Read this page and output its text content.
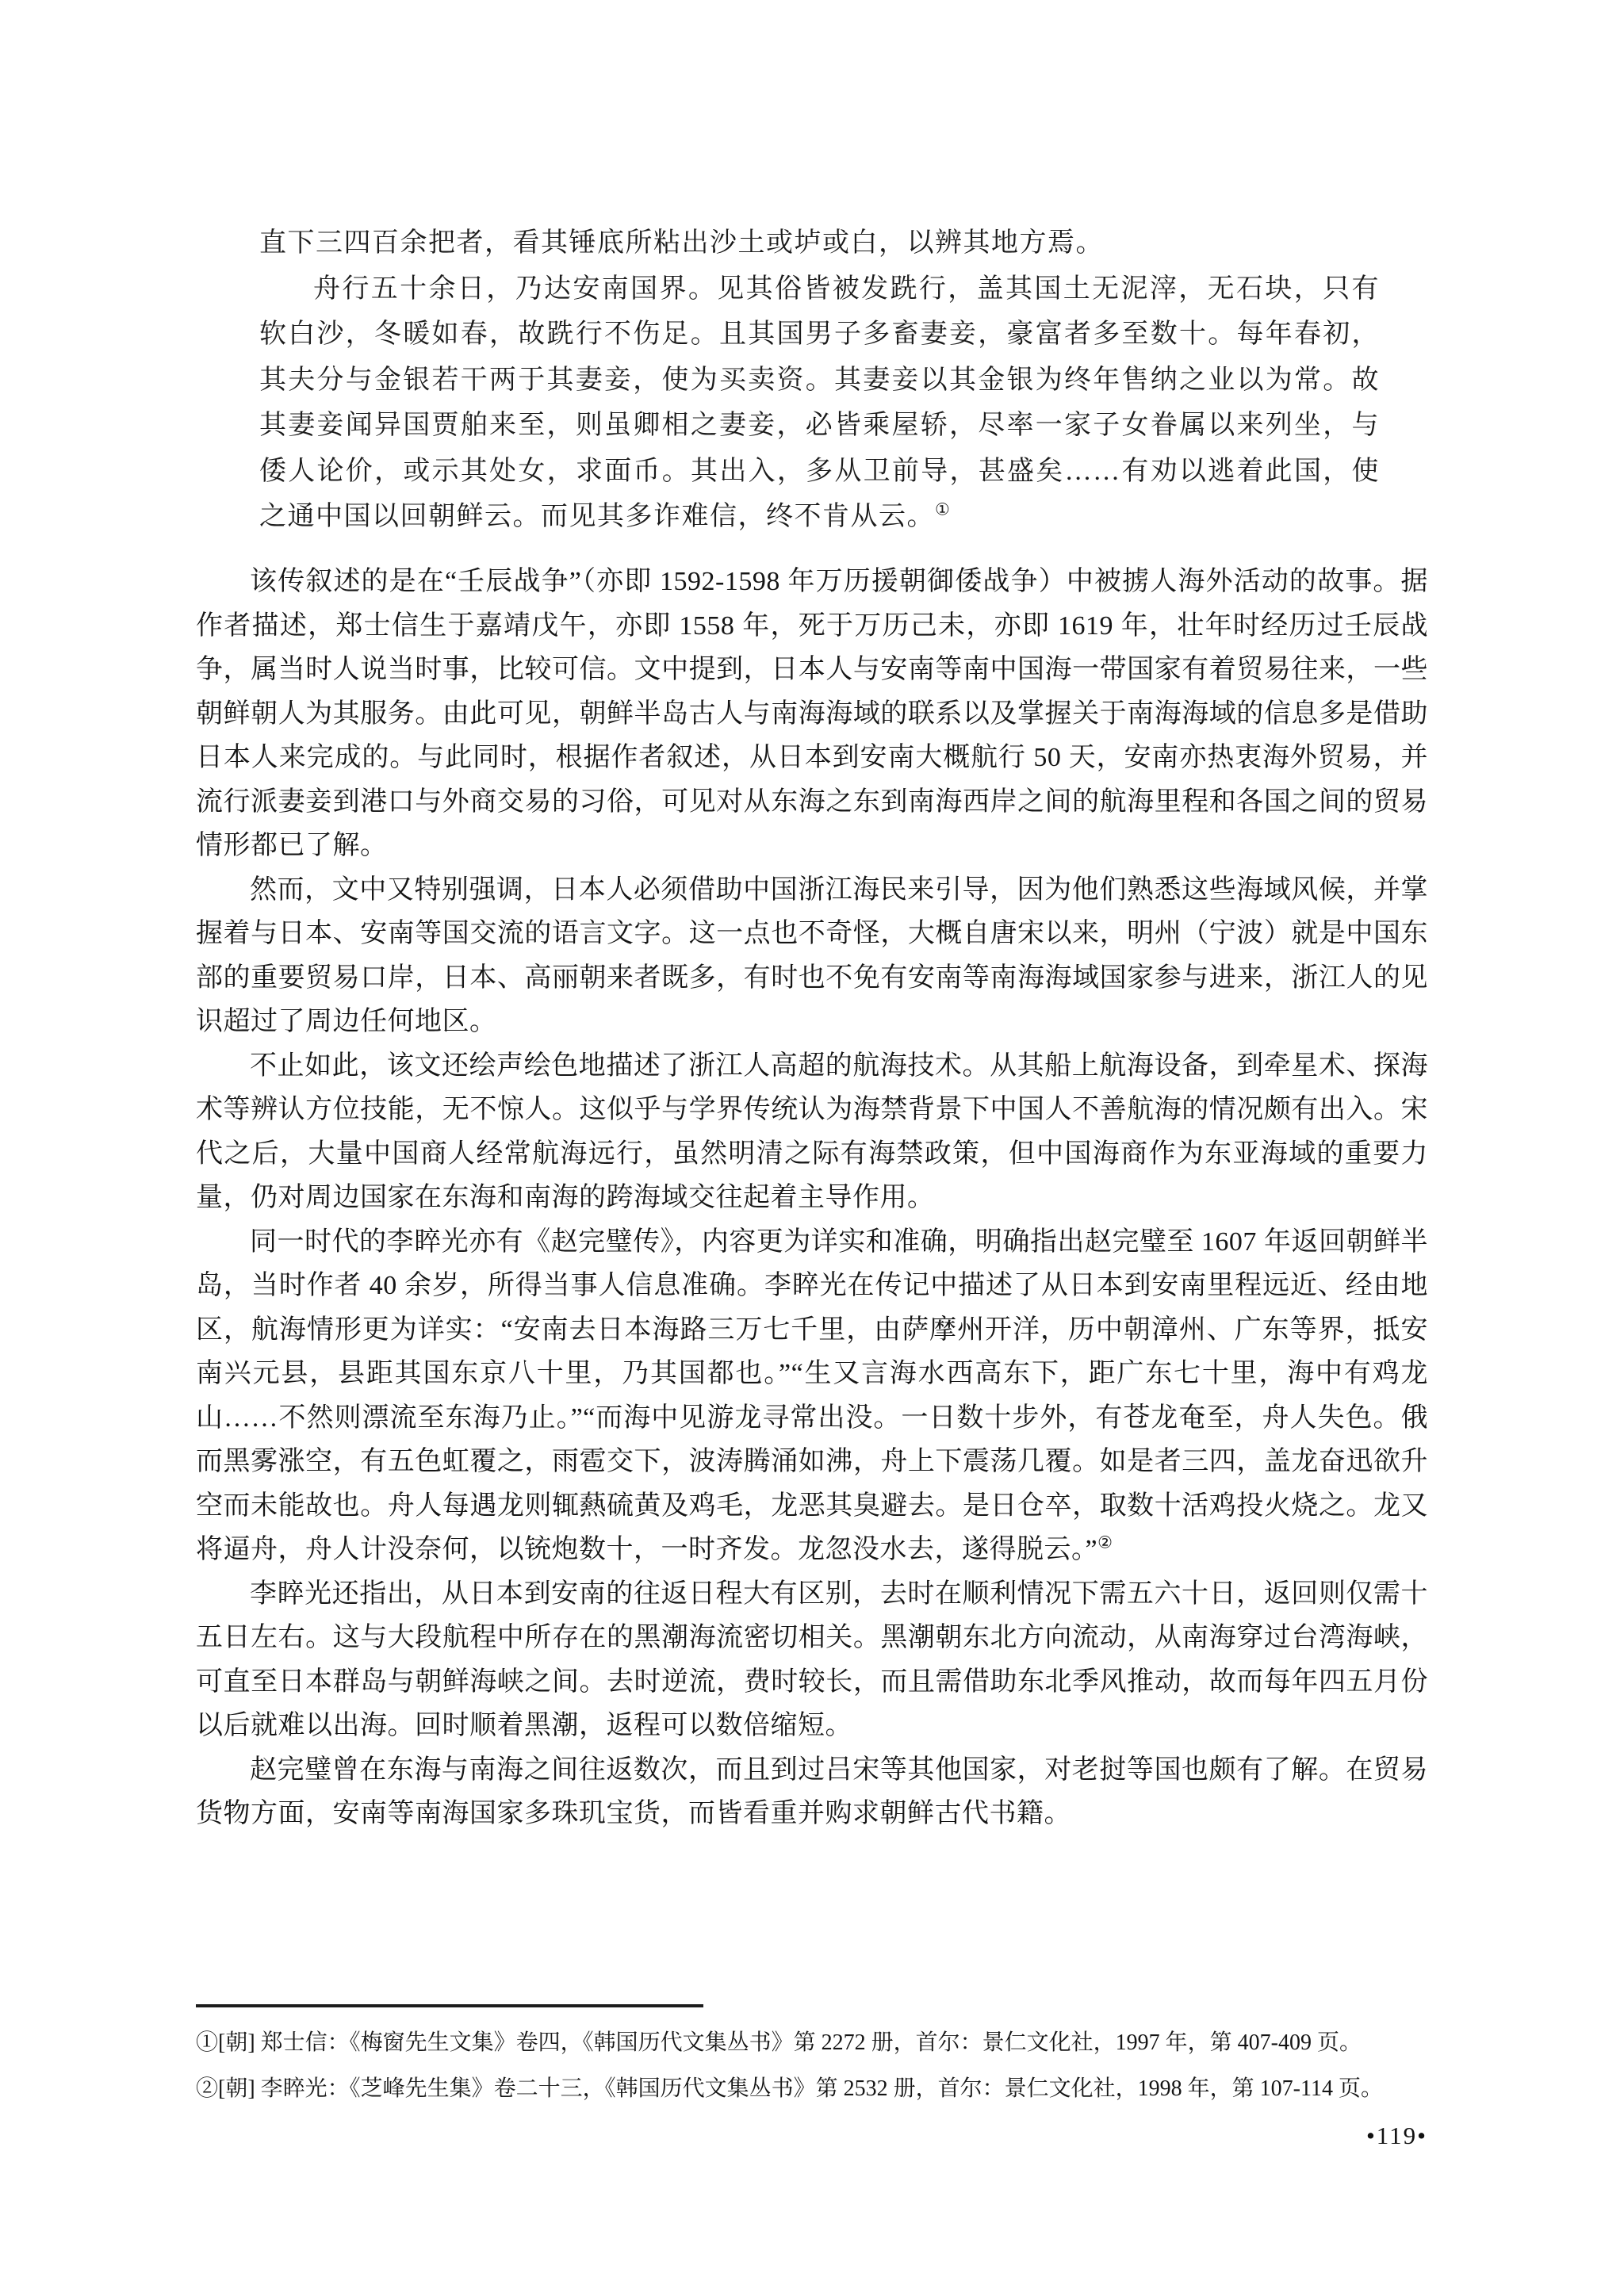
直下三四百余把者，看其锤底所粘出沙土或垆或白，以辨其地方焉。

舟行五十余日，乃达安南国界。见其俗皆被发跣行，盖其国土无泥滓，无石块，只有软白沙，冬暖如春，故跣行不伤足。且其国男子多畜妻妾，豪富者多至数十。每年春初，其夫分与金银若干两于其妻妾，使为买卖资。其妻妾以其金银为终年售纳之业以为常。故其妻妾闻异国贾舶来至，则虽卿相之妻妾，必皆乘屋轿，尽率一家子女眷属以来列坐，与倭人论价，或示其处女，求面币。其出入，多从卫前导，甚盛矣……有劝以逃着此国，使之通中国以回朝鲜云。而见其多诈难信，终不肯从云。①

该传叙述的是在“壬辰战争”（亦即 1592-1598 年万历援朝御倭战争）中被掳人海外活动的故事。据作者描述，郑士信生于嘉靖戊午，亦即 1558 年，死于万历己未，亦即 1619 年，壮年时经历过壬辰战争，属当时人说当时事，比较可信。文中提到，日本人与安南等南中国海一带国家有着贸易往来，一些朝鲜朝人为其服务。由此可见，朝鲜半岛古人与南海海域的联系以及掌握关于南海海域的信息多是借助日本人来完成的。与此同时，根据作者叙述，从日本到安南大概航行 50 天，安南亦热衷海外贸易，并流行派妻妾到港口与外商交易的习俗，可见对从东海之东到南海西岸之间的航海里程和各国之间的贸易情形都已了解。

然而，文中又特别强调，日本人必须借助中国浙江海民来引导，因为他们熟悉这些海域风候，并掌握着与日本、安南等国交流的语言文字。这一点也不奇怪，大概自唐宋以来，明州（宁波）就是中国东部的重要贸易口岸，日本、高丽朝来者既多，有时也不免有安南等南海海域国家参与进来，浙江人的见识超过了周边任何地区。

不止如此，该文还绘声绘色地描述了浙江人高超的航海技术。从其船上航海设备，到牵星术、探海术等辨认方位技能，无不惊人。这似乎与学界传统认为海禁背景下中国人不善航海的情况颇有出入。宋代之后，大量中国商人经常航海远行，虽然明清之际有海禁政策，但中国海商作为东亚海域的重要力量，仍对周边国家在东海和南海的跨海域交往起着主导作用。

同一时代的李睟光亦有《赵完璧传》，内容更为详实和准确，明确指出赵完璧至 1607 年返回朝鲜半岛，当时作者 40 余岁，所得当事人信息准确。李睟光在传记中描述了从日本到安南里程远近、经由地区，航海情形更为详实：“安南去日本海路三万七千里，由萨摩州开洋，历中朝漳州、广东等界，抵安南兴元县，县距其国东京八十里，乃其国都也。”“生又言海水西高东下，距广东七十里，海中有鸡龙山……不然则漂流至东海乃止。”“而海中见游龙寻常出没。一日数十步外，有苍龙奄至，舟人失色。俄而黑雾涨空，有五色虹覆之，雨雹交下，波涛腾涌如沸，舟上下震荡几覆。如是者三四，盖龙奋迅欲升空而未能故也。舟人每遇龙则辄爇硫黄及鸡毛，龙恶其臭避去。是日仓卒，取数十活鸡投火烧之。龙又将逼舟，舟人计没奈何，以铳炮数十，一时齐发。龙忽没水去，遂得脱云。”②

李睟光还指出，从日本到安南的往返日程大有区别，去时在顺利情况下需五六十日，返回则仅需十五日左右。这与大段航程中所存在的黑潮海流密切相关。黑潮朝东北方向流动，从南海穿过台湾海峡，可直至日本群岛与朝鲜海峡之间。去时逆流，费时较长，而且需借助东北季风推动，故而每年四五月份以后就难以出海。回时顺着黑潮，返程可以数倍缩短。

赵完璧曾在东海与南海之间往返数次，而且到过吕宋等其他国家，对老挝等国也颇有了解。在贸易货物方面，安南等南海国家多珠玑宝货，而皆看重并购求朝鲜古代书籍。

①[朝] 郑士信：《梅窗先生文集》卷四，《韩国历代文集丛书》第 2272 册，首尔：景仁文化社，1997 年，第 407-409 页。

②[朝] 李睟光：《芝峰先生集》卷二十三，《韩国历代文集丛书》第 2532 册，首尔：景仁文化社，1998 年，第 107-114 页。

•119•
